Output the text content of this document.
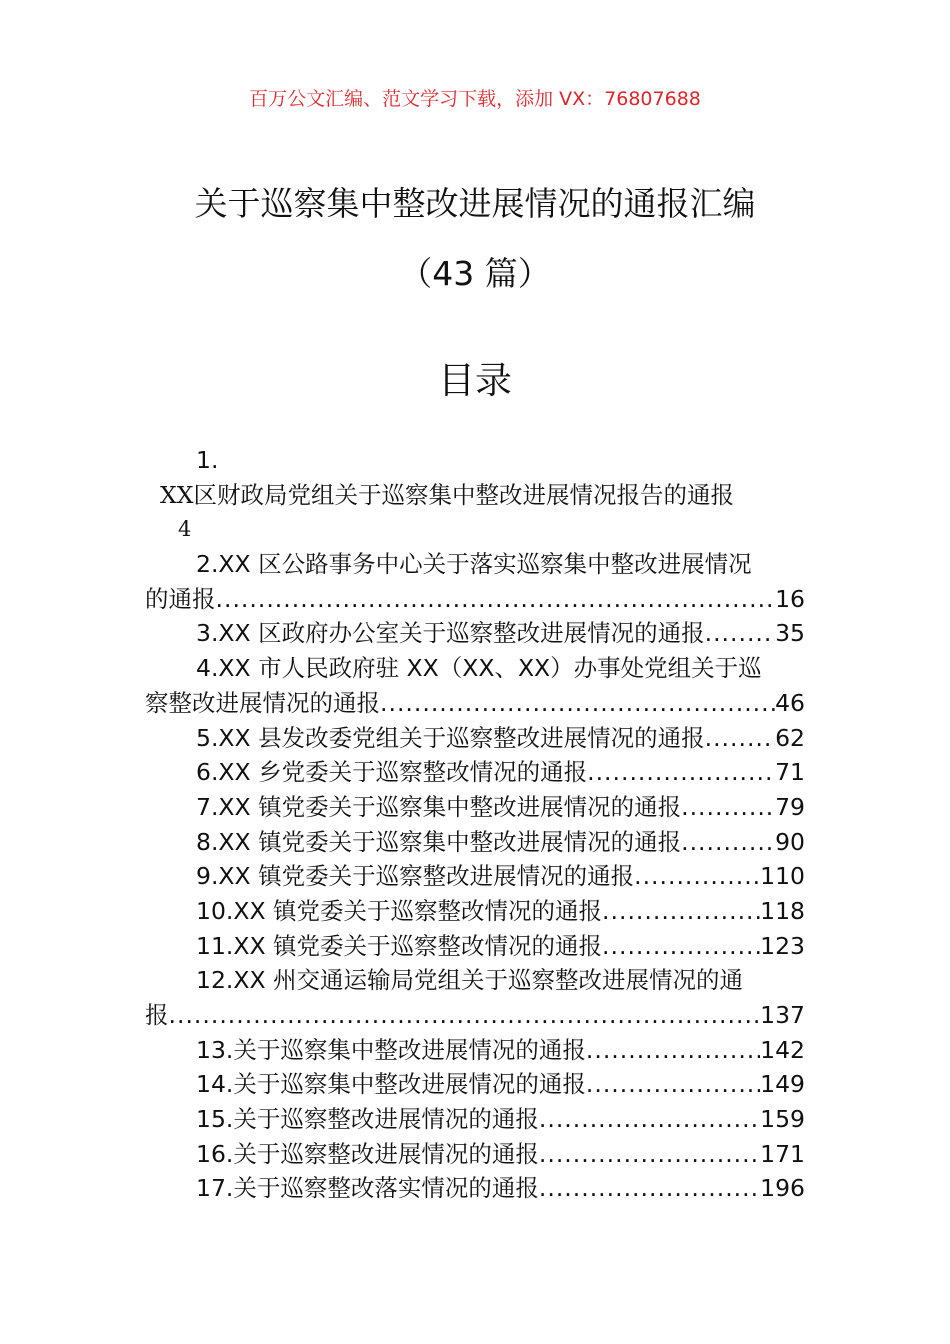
百万公文汇编、范文学习下载，添加 VX：76807688
关于巡察集中整改进展情况的通报汇编
（43 篇）
目录
1.
XX 区财政局党组关于巡察集中整改进展情况报告的通报
4
2.XX 区公路事务中心关于落实巡察集中整改进展情况
的通报 .....	16
3.XX 区政府办公室关于巡察整改进展情况的通报 .....	35
4.XX 市人民政府驻 XX（XX、XX）办事处党组关于巡
察整改进展情况的通报 .....	46
5.XX 县发改委党组关于巡察整改进展情况的通报 .....	62
6.XX 乡党委关于巡察整改情况的通报 .....	71
7.XX 镇党委关于巡察集中整改进展情况的通报 .....	79
8.XX 镇党委关于巡察集中整改进展情况的通报 .....	90
9.XX 镇党委关于巡察整改进展情况的通报 .....	110
10.XX 镇党委关于巡察整改情况的通报 .....	118
11.XX 镇党委关于巡察整改情况的通报 .....	123
12.XX 州交通运输局党组关于巡察整改进展情况的通
报 .....	137
13.关于巡察集中整改进展情况的通报 .....	142
14.关于巡察集中整改进展情况的通报 .....	149
15.关于巡察整改进展情况的通报 .....	159
16.关于巡察整改进展情况的通报 .....	171
17.关于巡察整改落实情况的通报 .....	196
